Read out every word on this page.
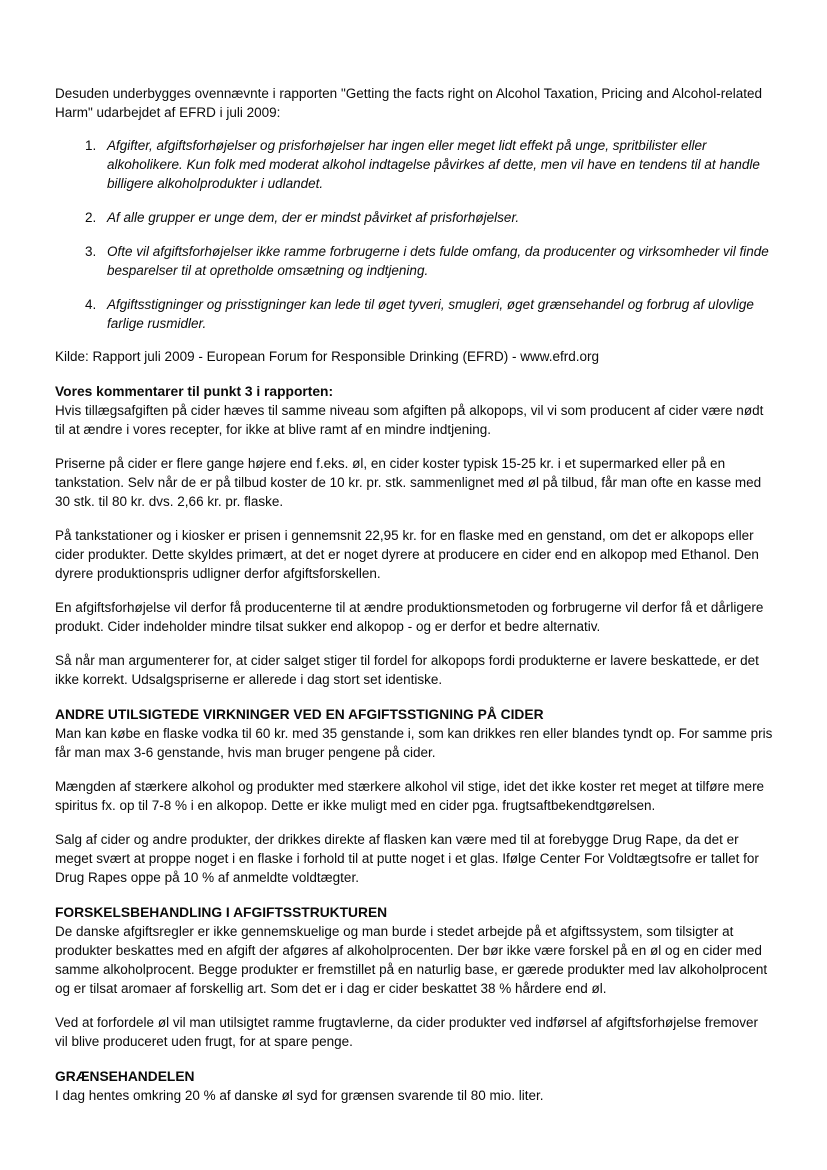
Desuden underbygges ovennævnte i rapporten "Getting the facts right on Alcohol Taxation, Pricing and Alcohol-related Harm" udarbejdet af EFRD i juli 2009:

1. Afgifter, afgiftsforhøjelser og prisforhøjelser har ingen eller meget lidt effekt på unge, spritbilister eller alkoholikere. Kun folk med moderat alkohol indtagelse påvirkes af dette, men vil have en tendens til at handle billigere alkoholprodukter i udlandet.
2. Af alle grupper er unge dem, der er mindst påvirket af prisforhøjelser.
3. Ofte vil afgiftsforhøjelser ikke ramme forbrugerne i dets fulde omfang, da producenter og virksomheder vil finde besparelser til at opretholde omsætning og indtjening.
4. Afgiftsstigninger og prisstigninger kan lede til øget tyveri, smugleri, øget grænsehandel og forbrug af ulovlige farlige rusmidler.

Kilde: Rapport juli 2009 - European Forum for Responsible Drinking (EFRD) - www.efrd.org

Vores kommentarer til punkt 3 i rapporten:

Hvis tillægsafgiften på cider hæves til samme niveau som afgiften på alkopops, vil vi som producent af cider være nødt til at ændre i vores recepter, for ikke at blive ramt af en mindre indtjening.

Priserne på cider er flere gange højere end f.eks. øl, en cider koster typisk 15-25 kr. i et supermarked eller på en tankstation. Selv når de er på tilbud koster de 10 kr. pr. stk. sammenlignet med øl på tilbud, får man ofte en kasse med 30 stk. til 80 kr. dvs. 2,66 kr. pr. flaske.

På tankstationer og i kiosker er prisen i gennemsnit 22,95 kr. for en flaske med en genstand, om det er alkopops eller cider produkter. Dette skyldes primært, at det er noget dyrere at producere en cider end en alkopop med Ethanol. Den dyrere produktionspris udligner derfor afgiftsforskellen.

En afgiftsforhøjelse vil derfor få producenterne til at ændre produktionsmetoden og forbrugerne vil derfor få et dårligere produkt. Cider indeholder mindre tilsat sukker end alkopop - og er derfor et bedre alternativ.

Så når man argumenterer for, at cider salget stiger til fordel for alkopops fordi produkterne er lavere beskattede, er det ikke korrekt. Udsalgspriserne er allerede i dag stort set identiske.

ANDRE UTILSIGTEDE VIRKNINGER VED EN AFGIFTSSTIGNING PÅ CIDER

Man kan købe en flaske vodka til 60 kr. med 35 genstande i, som kan drikkes ren eller blandes tyndt op. For samme pris får man max 3-6 genstande, hvis man bruger pengene på cider.

Mængden af stærkere alkohol og produkter med stærkere alkohol vil stige, idet det ikke koster ret meget at tilføre mere spiritus fx. op til 7-8 % i en alkopop. Dette er ikke muligt med en cider pga. frugtsaftbekendtgørelsen.

Salg af cider og andre produkter, der drikkes direkte af flasken kan være med til at forebygge Drug Rape, da det er meget svært at proppe noget i en flaske i forhold til at putte noget i et glas. Ifølge Center For Voldtægtsofre er tallet for Drug Rapes oppe på 10 % af anmeldte voldtægter.

FORSKELSBEHANDLING I AFGIFTSSTRUKTUREN

De danske afgiftsregler er ikke gennemskuelige og man burde i stedet arbejde på et afgiftssystem, som tilsigter at produkter beskattes med en afgift der afgøres af alkoholprocenten. Der bør ikke være forskel på en øl og en cider med samme alkoholprocent. Begge produkter er fremstillet på en naturlig base, er gærede produkter med lav alkoholprocent og er tilsat aromaer af forskellig art. Som det er i dag er cider beskattet 38 % hårdere end øl.

Ved at forfordele øl vil man utilsigtet ramme frugtavlerne, da cider produkter ved indførsel af afgiftsforhøjelse fremover vil blive produceret uden frugt, for at spare penge.

GRÆNSEHANDELEN

I dag hentes omkring 20 % af danske øl syd for grænsen svarende til 80 mio. liter.
